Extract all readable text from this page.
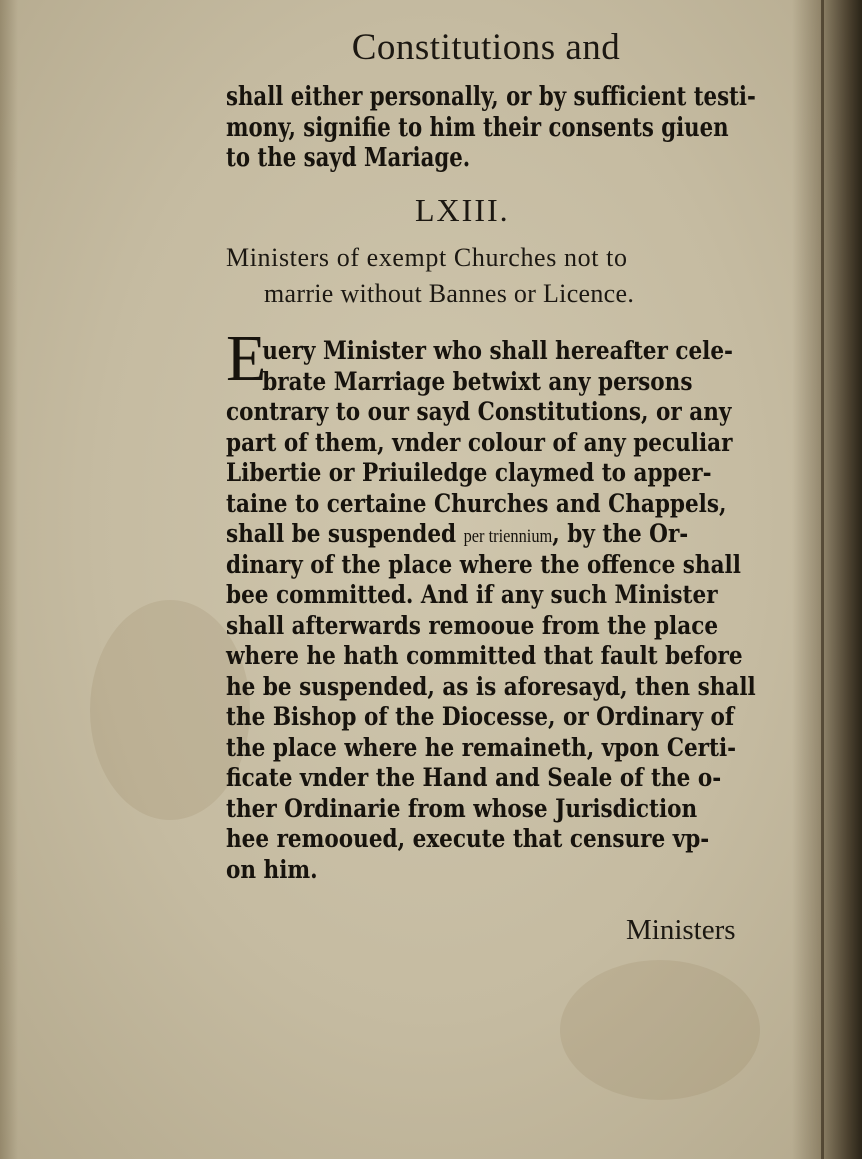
Constitutions and
shall either personally, or by sufficient testi-
mony, signifie to him their consents giuen
to the sayd Mariage.
LXIII.
Ministers of exempt Churches not to
marrie without Bannes or Licence.
E
uery Minister who shall hereafter cele-
brate Marriage betwixt any persons
contrary to our sayd Constitutions, or any
part of them, vnder colour of any peculiar
Libertie or Priuiledge claymed to apper-
taine to certaine Churches and Chappels,
shall be suspended per triennium, by the Or-
dinary of the place where the offence shall
bee committed. And if any such Minister
shall afterwards remooue from the place
where he hath committed that fault before
he be suspended, as is aforesayd, then shall
the Bishop of the Diocesse, or Ordinary of
the place where he remaineth, vpon Certi-
ficate vnder the Hand and Seale of the o-
ther Ordinarie from whose Jurisdiction
hee remooued, execute that censure vp-
on him.
Ministers
